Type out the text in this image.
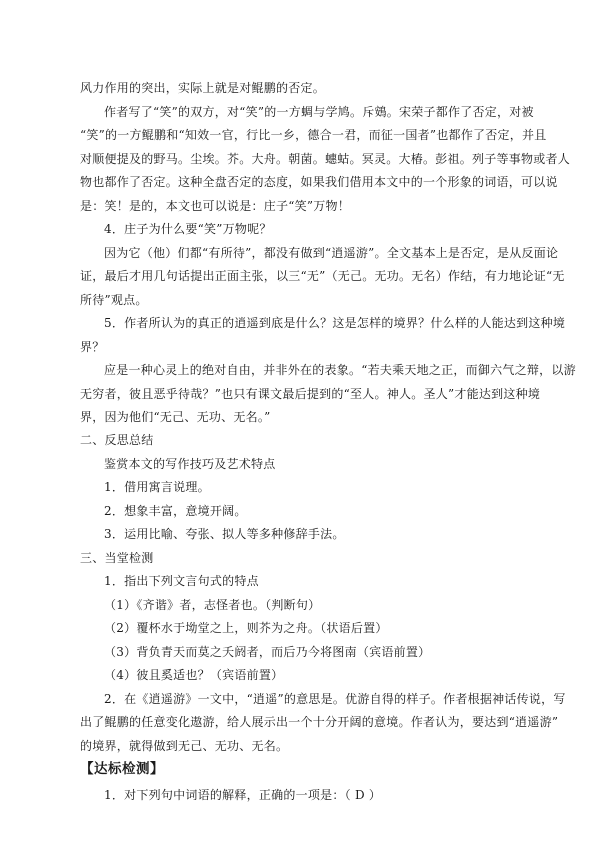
风力作用的突出，实际上就是对鲲鹏的否定。
作者写了“笑”的双方，对“笑”的一方蜩与学鸠。斥鴳。宋荣子都作了否定，对被
“笑”的一方鲲鹏和“知效一官，行比一乡，德合一君，而征一国者”也都作了否定，并且
对顺便提及的野马。尘埃。芥。大舟。朝菌。蟪蛄。冥灵。大椿。彭祖。列子等事物或者人
物也都作了否定。这种全盘否定的态度，如果我们借用本文中的一个形象的词语，可以说
是：笑！是的，本文也可以说是：庄子“笑”万物！
4．庄子为什么要“笑”万物呢？
因为它（他）们都“有所待”，都没有做到“逍遥游”。全文基本上是否定，是从反面论
证，最后才用几句话提出正面主张，以三“无”（无己。无功。无名）作结，有力地论证“无
所待”观点。
5．作者所认为的真正的逍遥到底是什么？这是怎样的境界？什么样的人能达到这种境
界？
应是一种心灵上的绝对自由，并非外在的表象。“若夫乘天地之正，而御六气之辩，以游
无穷者，彼且恶乎待哉？”也只有课文最后提到的“至人。神人。圣人”才能达到这种境
界，因为他们“无己、无功、无名。”
二、反思总结
鉴赏本文的写作技巧及艺术特点
1．借用寓言说理。
2．想象丰富，意境开阔。
3．运用比喻、夸张、拟人等多种修辞手法。
三、当堂检测
1．指出下列文言句式的特点
（1）《齐谐》者，志怪者也。（判断句）
（2）覆杯水于坳堂之上，则芥为之舟。（状语后置）
（3）背负青天而莫之夭阏者，而后乃今将图南（宾语前置）
（4）彼且奚适也？（宾语前置）
2．在《逍遥游》一文中，“逍遥”的意思是。优游自得的样子。作者根据神话传说，写
出了鲲鹏的任意变化遨游，给人展示出一个十分开阔的意境。作者认为，要达到“逍遥游”
的境界，就得做到无己、无功、无名。
【达标检测】
1．对下列句中词语的解释，正确的一项是：（ D ）
